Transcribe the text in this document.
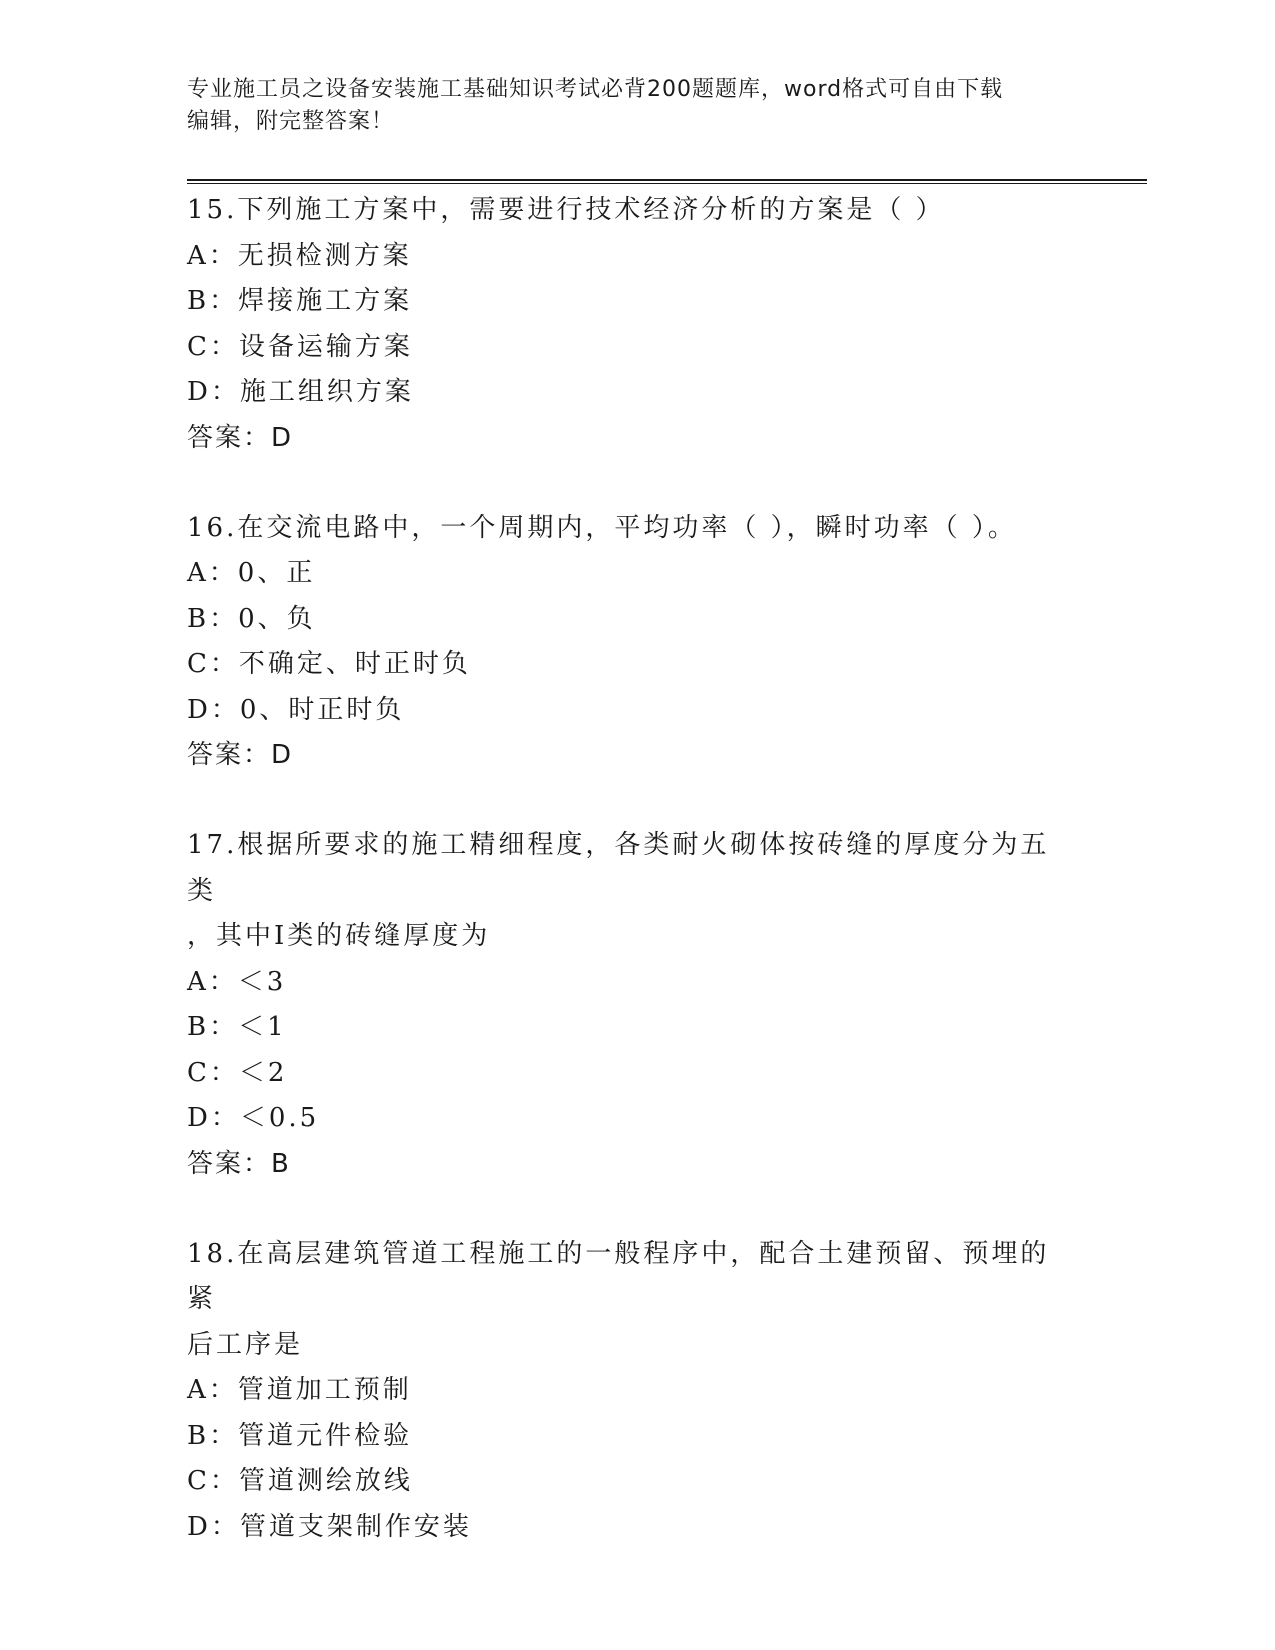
专业施工员之设备安装施工基础知识考试必背200题题库，word格式可自由下载
编辑，附完整答案！
15.下列施工方案中，需要进行技术经济分析的方案是（ ）
A：无损检测方案
B：焊接施工方案
C：设备运输方案
D：施工组织方案
答案：D
16.在交流电路中，一个周期内，平均功率（ ），瞬时功率（ ）。
A：0、正
B：0、负
C：不确定、时正时负
D：0、时正时负
答案：D
17.根据所要求的施工精细程度，各类耐火砌体按砖缝的厚度分为五类
，其中Ⅰ类的砖缝厚度为
A：＜3
B：＜1
C：＜2
D：＜0.5
答案：B
18.在高层建筑管道工程施工的一般程序中，配合土建预留、预埋的紧
后工序是
A：管道加工预制
B：管道元件检验
C：管道测绘放线
D：管道支架制作安装
